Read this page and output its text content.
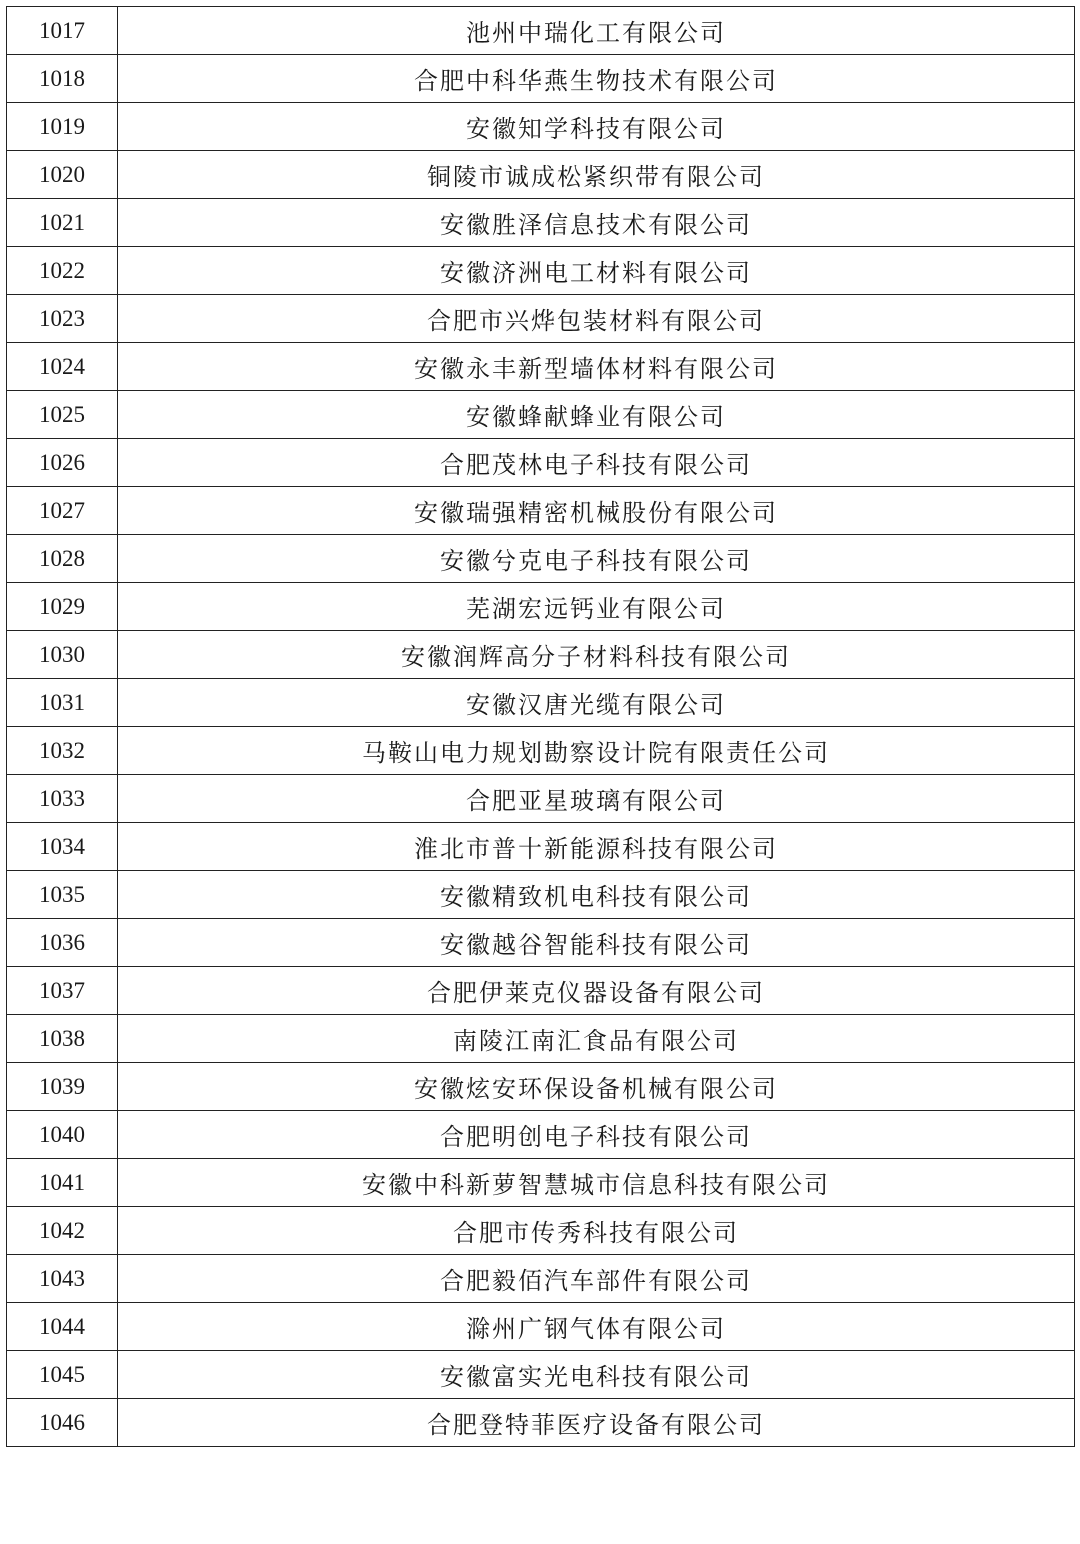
1017	池州中瑞化工有限公司
1018	合肥中科华燕生物技术有限公司
1019	安徽知学科技有限公司
1020	铜陵市诚成松紧织带有限公司
1021	安徽胜泽信息技术有限公司
1022	安徽济洲电工材料有限公司
1023	合肥市兴烨包装材料有限公司
1024	安徽永丰新型墙体材料有限公司
1025	安徽蜂献蜂业有限公司
1026	合肥茂林电子科技有限公司
1027	安徽瑞强精密机械股份有限公司
1028	安徽兮克电子科技有限公司
1029	芜湖宏远钙业有限公司
1030	安徽润辉高分子材料科技有限公司
1031	安徽汉唐光缆有限公司
1032	马鞍山电力规划勘察设计院有限责任公司
1033	合肥亚星玻璃有限公司
1034	淮北市普十新能源科技有限公司
1035	安徽精致机电科技有限公司
1036	安徽越谷智能科技有限公司
1037	合肥伊莱克仪器设备有限公司
1038	南陵江南汇食品有限公司
1039	安徽炫安环保设备机械有限公司
1040	合肥明创电子科技有限公司
1041	安徽中科新萝智慧城市信息科技有限公司
1042	合肥市传秀科技有限公司
1043	合肥毅佰汽车部件有限公司
1044	滁州广钢气体有限公司
1045	安徽富实光电科技有限公司
1046	合肥登特菲医疗设备有限公司
